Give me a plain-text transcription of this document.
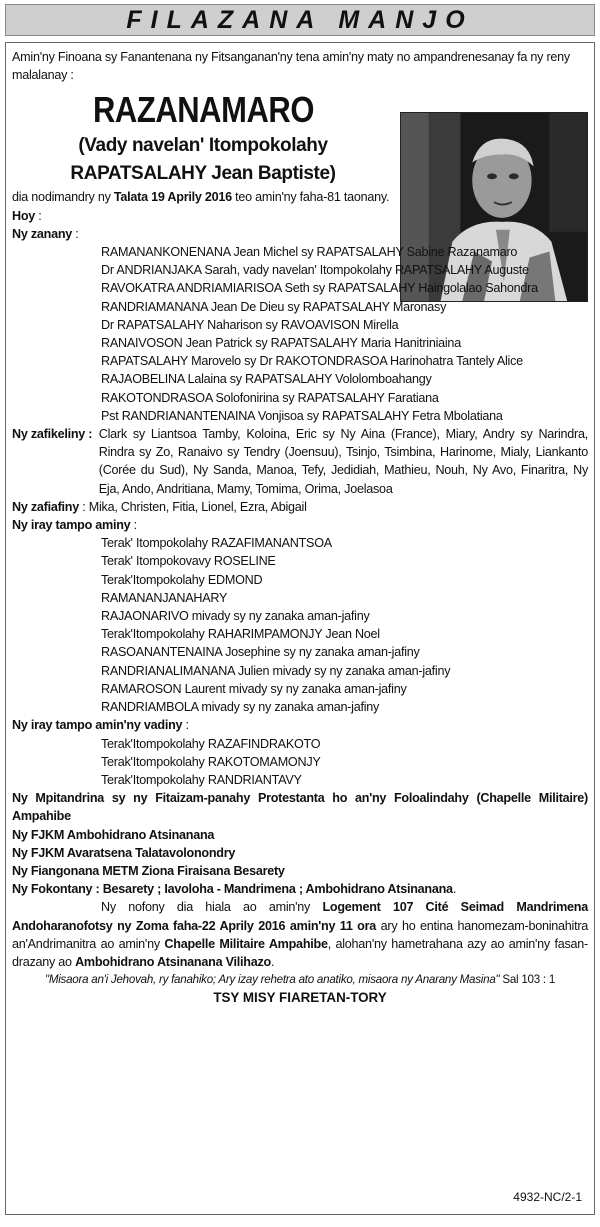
FILAZANA MANJO

Amin'ny Finoana sy Fanantenana ny Fitsanganan'ny tena amin'ny maty no ampandrenesanay fa ny reny malalanay :

RAZANAMARO
(Vady navelan' Itompokolahy
RAPATSALAHY Jean Baptiste)

dia nodimandry ny Talata 19 Aprily 2016 teo amin'ny faha-81 taonany.

Hoy :

Ny zanany :

RAMANANKONENANA Jean Michel sy RAPATSALAHY Sabine Razanamaro

Dr ANDRIANJAKA Sarah, vady navelan' Itompokolahy RAPATSALAHY Auguste

RAVOKATRA ANDRIAMIARISOA Seth sy RAPATSALAHY Haingolalao Sahondra

RANDRIAMANANA Jean De Dieu sy RAPATSALAHY Maronasy

Dr RAPATSALAHY Naharison sy RAVOAVISON Mirella

RANAIVOSON Jean Patrick sy RAPATSALAHY Maria Hanitriniaina

RAPATSALAHY Marovelo sy Dr RAKOTONDRASOA Harinohatra Tantely Alice

RAJAOBELINA Lalaina sy RAPATSALAHY Vololomboahangy

RAKOTONDRASOA Solofonirina sy RAPATSALAHY Faratiana

Pst RANDRIANANTENAINA Vonjisoa sy RAPATSALAHY Fetra Mbolatiana

Ny zafikeliny : Clark sy Liantsoa Tamby, Koloina, Eric sy Ny Aina (France), Miary, Andry sy Narindra, Rindra sy Zo, Ranaivo sy Tendry (Joensuu), Tsinjo, Tsimbina, Harinome, Mialy, Liankanto (Corée du Sud), Ny Sanda, Manoa, Tefy, Jedidiah, Mathieu, Nouh, Ny Avo, Finaritra, Ny Eja, Ando, Andritiana, Mamy, Tomima, Orima, Joelasoa

Ny zafiafiny : Mika, Christen, Fitia, Lionel, Ezra, Abigail

Ny iray tampo aminy :

Terak' Itompokolahy RAZAFIMANANTSOA

Terak' Itompokovavy ROSELINE

Terak'Itompokolahy EDMOND

RAMANANJANAHARY

RAJAONARIVO mivady sy ny zanaka aman-jafiny

Terak'Itompokolahy RAHARIMPAMONJY Jean Noel

RASOANANTENAINA Josephine sy ny zanaka aman-jafiny

RANDRIANALIMANANA Julien mivady sy ny zanaka aman-jafiny

RAMAROSON Laurent mivady sy ny zanaka aman-jafiny

RANDRIAMBOLA mivady sy ny zanaka aman-jafiny

Ny iray tampo amin'ny vadiny :

Terak'Itompokolahy RAZAFINDRAKOTO

Terak'Itompokolahy RAKOTOMAMONJY

Terak'Itompokolahy RANDRIANTAVY

Ny Mpitandrina sy ny Fitaizam-panahy Protestanta ho an'ny Foloalindahy (Chapelle Militaire) Ampahibe

Ny FJKM Ambohidrano Atsinanana

Ny FJKM Avaratsena Talatavolonondry

Ny Fiangonana METM Ziona Firaisana Besarety

Ny Fokontany : Besarety ; Iavoloha - Mandrimena ; Ambohidrano Atsinanana.

Ny nofony dia hiala ao amin'ny Logement 107 Cité Seimad Mandrimena Andoharanofotsy ny Zoma faha-22 Aprily 2016 amin'ny 11 ora ary ho entina hanomezam-boninahitra an'Andrimanitra ao amin'ny Chapelle Militaire Ampahibe, alohan'ny hametrahana azy ao amin'ny fasan-drazany ao Ambohidrano Atsinanana Vilihazo.

"Misaora an'i Jehovah, ry fanahiko; Ary izay rehetra ato anatiko, misaora ny Anarany Masina" Sal 103 : 1

TSY MISY FIARETAN-TORY

4932-NC/2-1
